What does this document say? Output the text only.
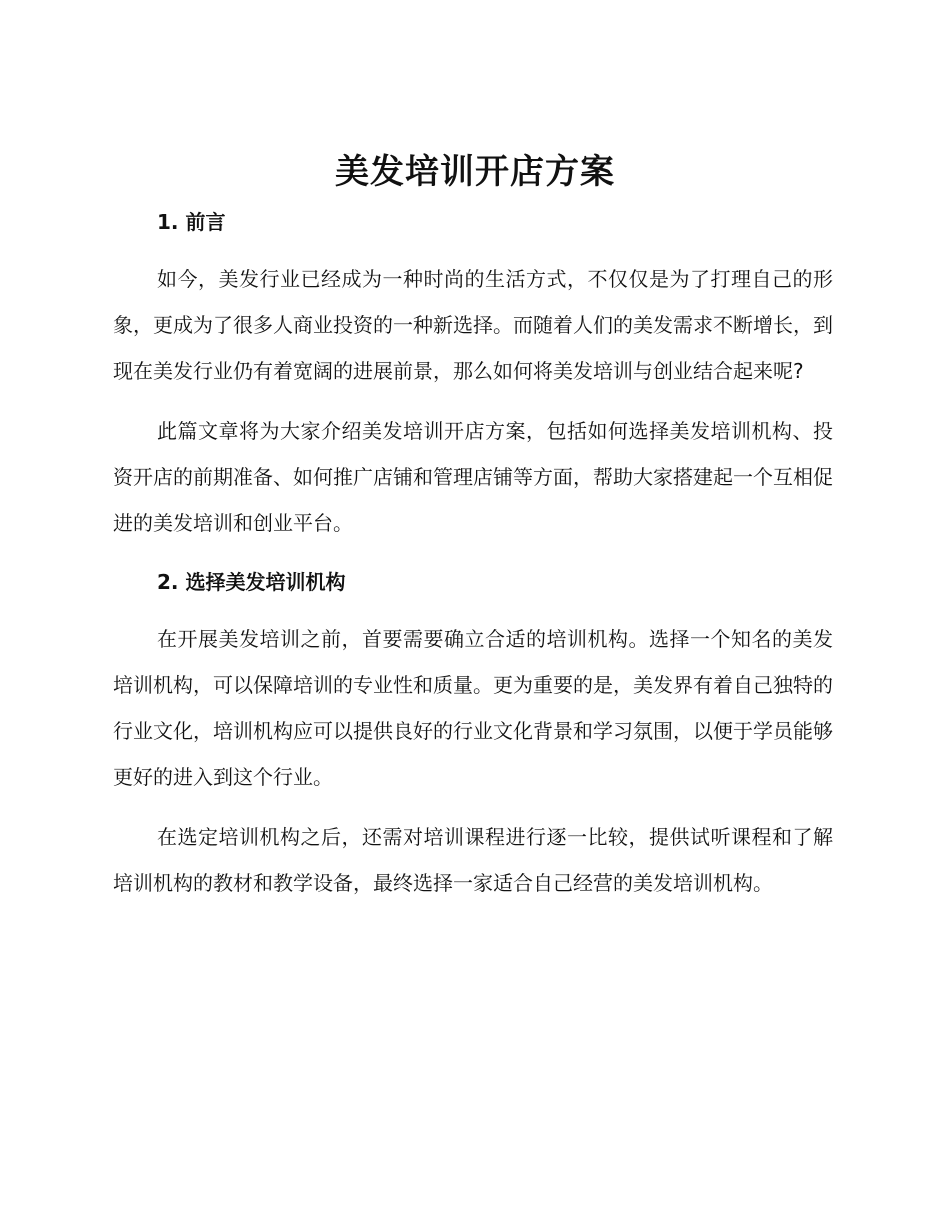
美发培训开店方案
1. 前言

如今，美发行业已经成为一种时尚的生活方式，不仅仅是为了打理自己的形象，更成为了很多人商业投资的一种新选择。而随着人们的美发需求不断增长，到现在美发行业仍有着宽阔的进展前景，那么如何将美发培训与创业结合起来呢?

此篇文章将为大家介绍美发培训开店方案，包括如何选择美发培训机构、投资开店的前期准备、如何推广店铺和管理店铺等方面，帮助大家搭建起一个互相促进的美发培训和创业平台。

2. 选择美发培训机构

在开展美发培训之前，首要需要确立合适的培训机构。选择一个知名的美发培训机构，可以保障培训的专业性和质量。更为重要的是，美发界有着自己独特的行业文化，培训机构应可以提供良好的行业文化背景和学习氛围，以便于学员能够更好的进入到这个行业。

在选定培训机构之后，还需对培训课程进行逐一比较，提供试听课程和了解培训机构的教材和教学设备，最终选择一家适合自己经营的美发培训机构。
